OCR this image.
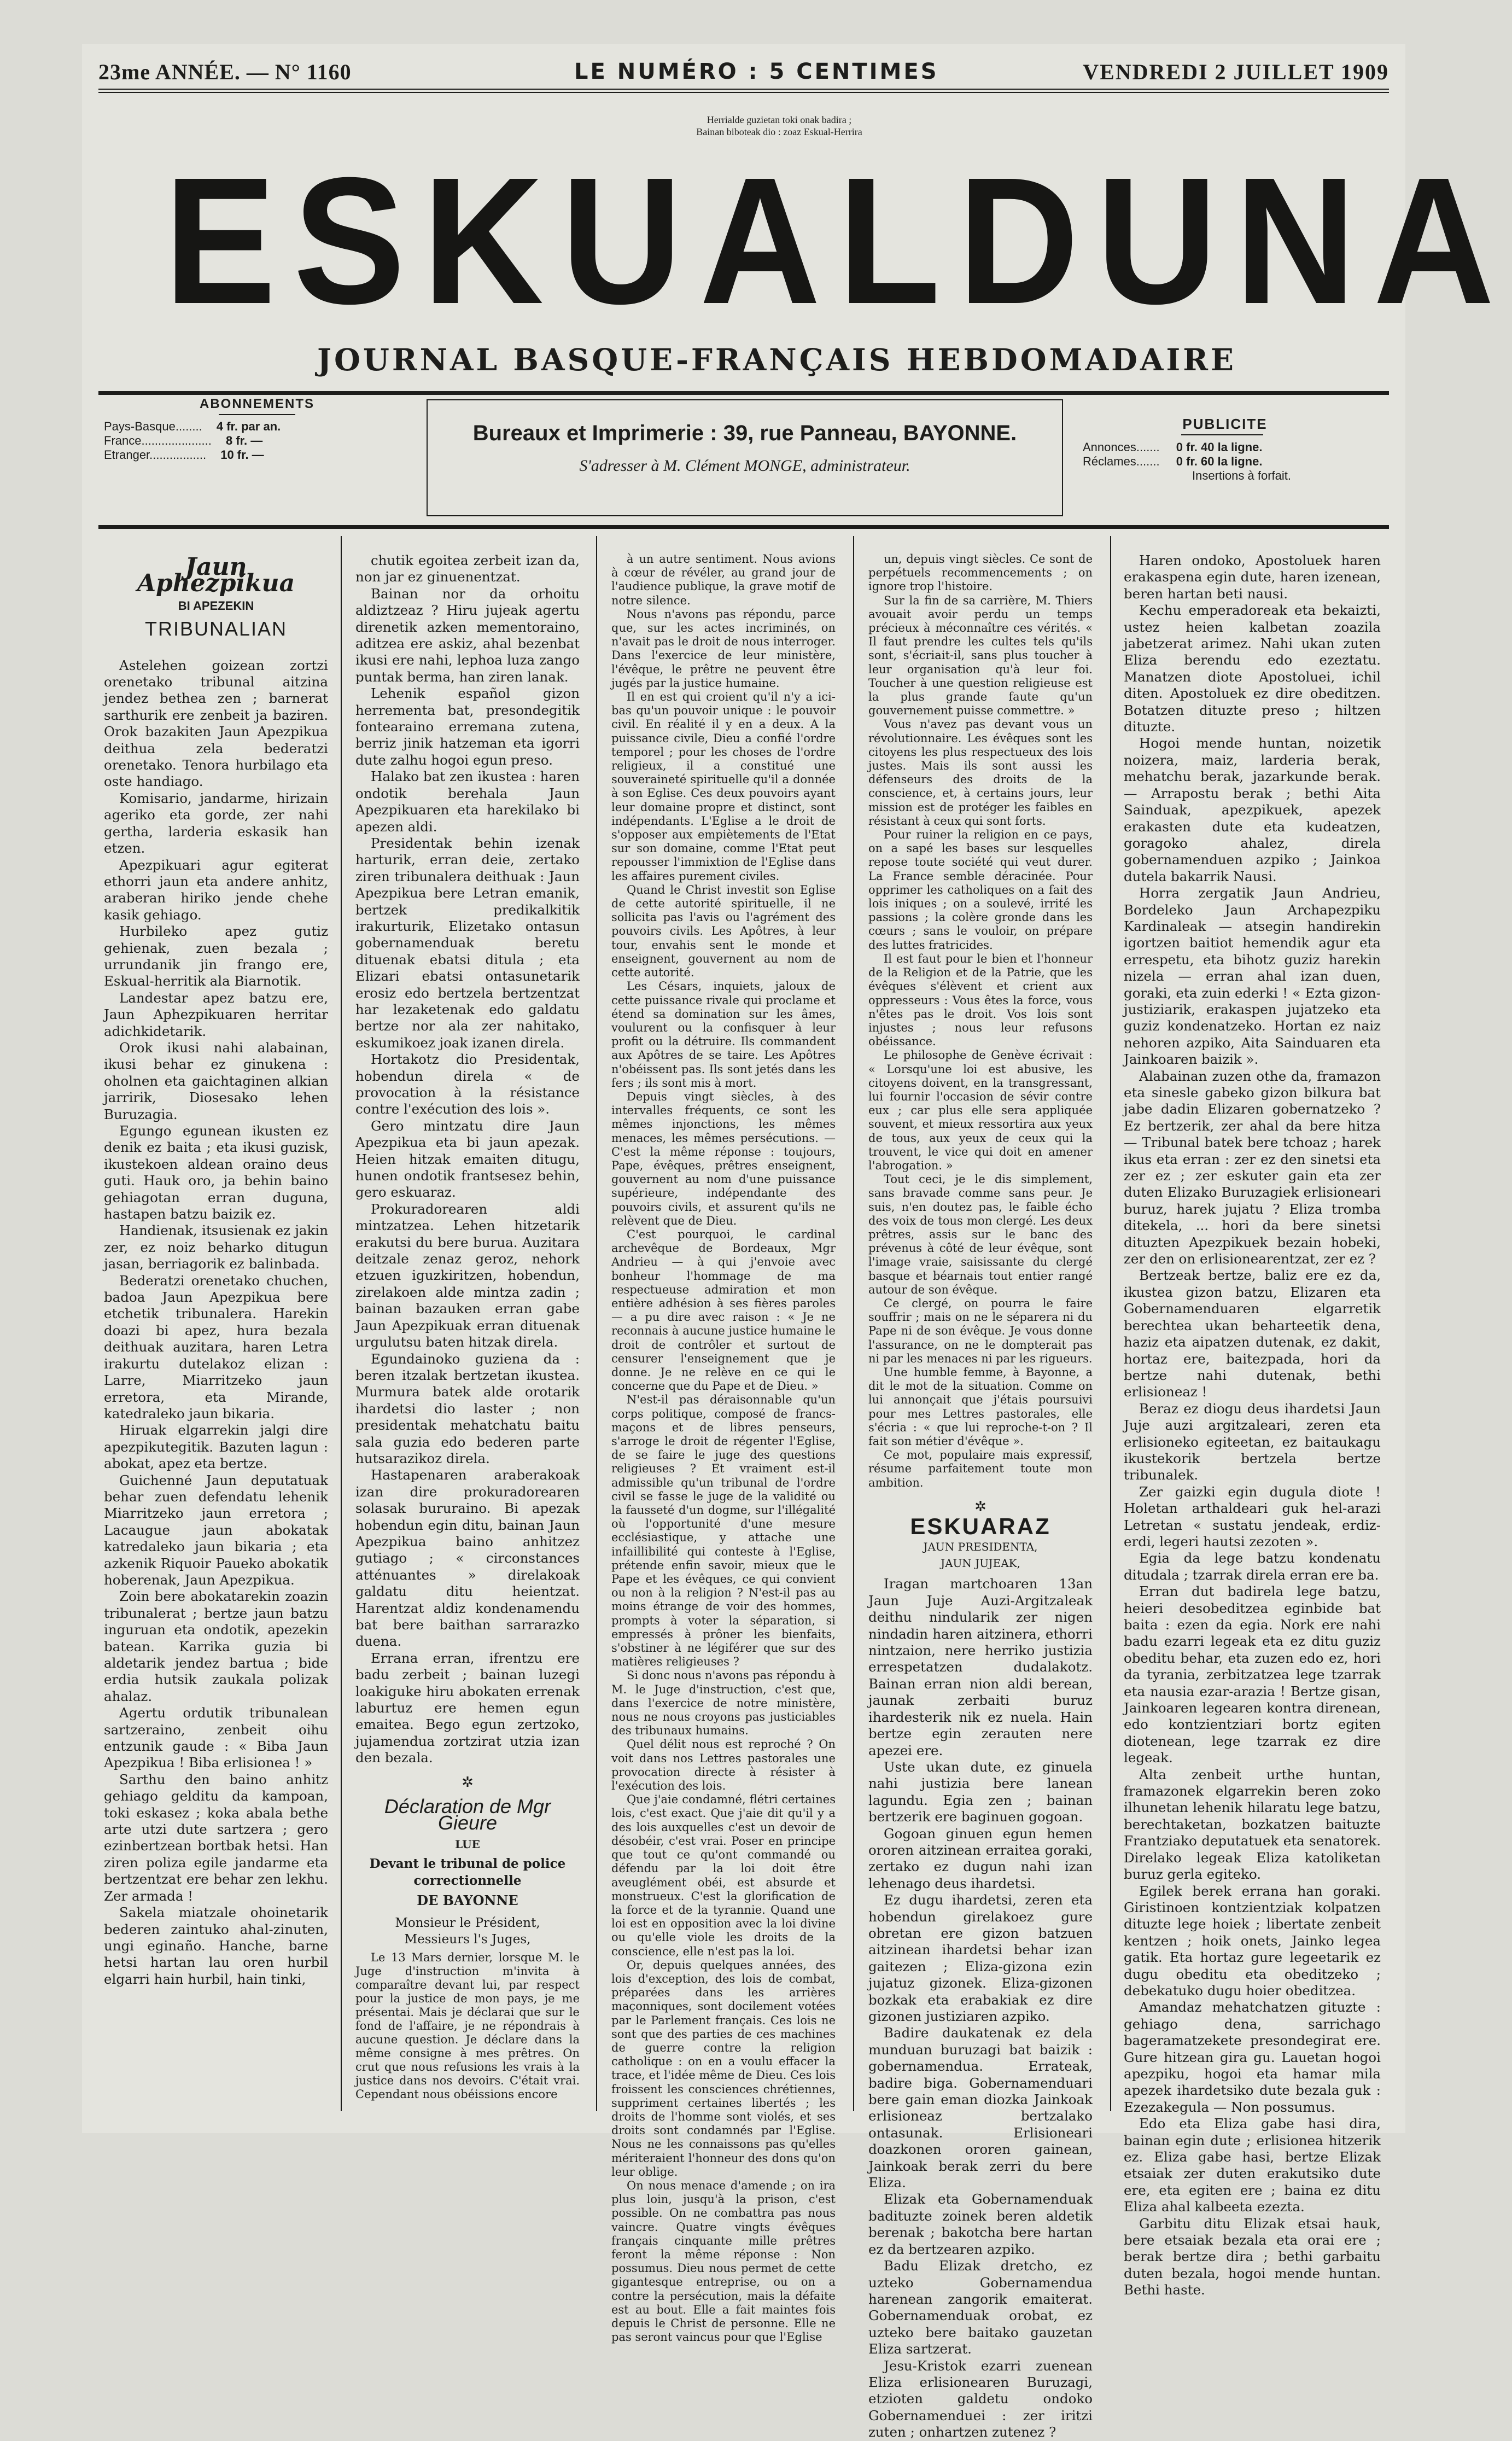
23me ANNÉE. — N° 1160	LE NUMÉRO : 5 CENTIMES	VENDREDI 2 JUILLET 1909
Herrialde guzietan toki onak badira ;
Bainan biboteak dio : zoaz Eskual-Herrira
ESKUALDUNA
JOURNAL BASQUE-FRANÇAIS HEBDOMADAIRE
ABONNEMENTS
Pays-Basque........ 4 fr. par an.
France..................... 8 fr. —
Etranger................. 10 fr. —
Bureaux et Imprimerie : 39, rue Panneau, BAYONNE.
S'adresser à M. Clément MONGE, administrateur.
PUBLICITE
Annonces....... 0 fr. 40 la ligne.
Réclames....... 0 fr. 60 la ligne.
Insertions à forfait.
Jaun Aphezpikua
BI APEZEKIN
TRIBUNALIAN

Astelehen goizean zortzi orenetako tribunal aitzina jendez bethea zen ; barnerat sarthurik ere zenbeit ja baziren. Orok bazakiten Jaun Apezpikua deithua zela bederatzi orenetako. Tenora hurbilago eta oste handiago.

Komisario, jandarme, hirizain ageriko eta gorde, zer nahi gertha, larderia eskasik han etzen.

Apezpikuari agur egiterat ethorri jaun eta andere anhitz, araberan hiriko jende chehe kasik gehiago.

Hurbileko apez gutiz gehienak, zuen bezala ; urrundanik jin frango ere, Eskual-herritik ala Biarnotik.

Landestar apez batzu ere, Jaun Aphezpikuaren herritar adichkidetarik.

Orok ikusi nahi alabainan, ikusi behar ez ginukena : oholnen eta gaichtaginen alkian jarririk, Diosesako lehen Buruzagia.

Egungo egunean ikusten ez denik ez baita ; eta ikusi guzisk, ikustekoen aldean oraino deus guti. Hauk oro, ja behin baino gehiagotan erran duguna, hastapen batzu baizik ez.

Handienak, itsusienak ez jakin zer, ez noiz beharko ditugun jasan, berriagorik ez balinbada.

Bederatzi orenetako chuchen, badoa Jaun Apezpikua bere etchetik tribunalera. Harekin doazi bi apez, hura bezala deithuak auzitara, haren Letra irakurtu dutelakoz elizan : Larre, Miarritzeko jaun erretora, eta Mirande, katedraleko jaun bikaria.

Hiruak elgarrekin jalgi dire apezpikutegitik. Bazuten lagun : abokat, apez eta bertze.

Guichenné Jaun deputatuak behar zuen defendatu lehenik Miarritzeko jaun erretora ; Lacaugue jaun abokatak katredaleko jaun bikaria ; eta azkenik Riquoir Paueko abokatik hoberenak, Jaun Apezpikua.

Zoin bere abokatarekin zoazin tribunalerat ; bertze jaun batzu inguruan eta ondotik, apezekin batean. Karrika guzia bi aldetarik jendez bartua ; bide erdia hutsik zaukala polizak ahalaz.

Agertu ordutik tribunalean sartzeraino, zenbeit oihu entzunik gaude : « Biba Jaun Apezpikua ! Biba erlisionea ! »

Sarthu den baino anhitz gehiago gelditu da kampoan, toki eskasez ; koka abala bethe arte utzi dute sartzera ; gero ezinbertzean bortbak hetsi. Han ziren poliza egile jandarme eta bertzentzat ere behar zen lekhu. Zer armada !

Sakela miatzale ohoinetarik bederen zaintuko ahal-zinuten, ungi eginaño. Hanche, barne hetsi hartan lau oren hurbil elgarri hain hurbil, hain tinki,

chutik egoitea zerbeit izan da, non jar ez ginuenentzat.

Bainan nor da orhoitu aldiztzeaz ? Hiru jujeak agertu direnetik azken mementoraino, aditzea ere askiz, ahal bezenbat ikusi ere nahi, lephoa luza zango puntak berma, han ziren lanak.

Lehenik español gizon herrementa bat, presondegitik fontearaino erremana zutena, berriz jinik hatzeman eta igorri dute zalhu hogoi egun preso.

Halako bat zen ikustea : haren ondotik berehala Jaun Apezpikuaren eta harekilako bi apezen aldi.

Presidentak behin izenak harturik, erran deie, zertako ziren tribunalera deithuak : Jaun Apezpikua bere Letran emanik, bertzek predikalkitik irakurturik, Elizetako ontasun gobernamenduak beretu dituenak ebatsi ditula ; eta Elizari ebatsi ontasunetarik erosiz edo bertzela bertzentzat har lezaketenak edo galdatu bertze nor ala zer nahitako, eskumikoez joak izanen direla.

Hortakotz dio Presidentak, hobendun direla « de provocation à la résistance contre l'exécution des lois ».

Gero mintzatu dire Jaun Apezpikua eta bi jaun apezak. Heien hitzak emaiten ditugu, hunen ondotik frantsesez behin, gero eskuaraz.

Prokuradorearen aldi mintzatzea. Lehen hitzetarik erakutsi du bere burua. Auzitara deitzale zenaz geroz, nehork etzuen iguzkiritzen, hobendun, zirelakoen alde mintza zadin ; bainan bazauken erran gabe Jaun Apezpikuak erran dituenak urgulutsu baten hitzak direla.

Egundainoko guziena da : beren itzalak bertzetan ikustea. Murmura batek alde orotarik ihardetsi dio laster ; non presidentak mehatchatu baitu sala guzia edo bederen parte hutsarazikoz direla.

Hastapenaren araberakoak izan dire prokuradorearen solasak bururaino. Bi apezak hobendun egin ditu, bainan Jaun Apezpikua baino anhitzez gutiago ; « circonstances atténuantes » direlakoak galdatu ditu heientzat. Harentzat aldiz kondenamendu bat bere baithan sarrarazko duena.

Errana erran, ifrentzu ere badu zerbeit ; bainan luzegi loakiguke hiru abokaten errenak laburtuz ere hemen egun emaitea. Bego egun zertzoko, jujamendua zortzirat utzia izan den bezala.

✲
Déclaration de Mgr Gieure
LUE
Devant le tribunal de police correctionnelle
DE BAYONNE
Monsieur le Président,
Messieurs l's Juges,

Le 13 Mars dernier, lorsque M. le Juge d'instruction m'invita à comparaître devant lui, par respect pour la justice de mon pays, je me présentai. Mais je déclarai que sur le fond de l'affaire, je ne répondrais à aucune question. Je déclare dans la même consigne à mes prêtres. On crut que nous refusions les vrais à la justice dans nos devoirs. C'était vrai. Cependant nous obéissions encore

à un autre sentiment. Nous avions à cœur de révéler, au grand jour de l'audience publique, la grave motif de notre silence.

Nous n'avons pas répondu, parce que, sur les actes incriminés, on n'avait pas le droit de nous interroger. Dans l'exercice de leur ministère, l'évêque, le prêtre ne peuvent être jugés par la justice humaine.

Il en est qui croient qu'il n'y a ici-bas qu'un pouvoir unique : le pouvoir civil. En réalité il y en a deux. A la puissance civile, Dieu a confié l'ordre temporel ; pour les choses de l'ordre religieux, il a constitué une souveraineté spirituelle qu'il a donnée à son Eglise. Ces deux pouvoirs ayant leur domaine propre et distinct, sont indépendants. L'Eglise a le droit de s'opposer aux empiètements de l'Etat sur son domaine, comme l'Etat peut repousser l'immixtion de l'Eglise dans les affaires purement civiles.

Quand le Christ investit son Eglise de cette autorité spirituelle, il ne sollicita pas l'avis ou l'agrément des pouvoirs civils. Les Apôtres, à leur tour, envahis sent le monde et enseignent, gouvernent au nom de cette autorité.

Les Césars, inquiets, jaloux de cette puissance rivale qui proclame et étend sa domination sur les âmes, voulurent ou la confisquer à leur profit ou la détruire. Ils commandent aux Apôtres de se taire. Les Apôtres n'obéissent pas. Ils sont jetés dans les fers ; ils sont mis à mort.

Depuis vingt siècles, à des intervalles fréquents, ce sont les mêmes injonctions, les mêmes menaces, les mêmes persécutions. — C'est la même réponse : toujours, Pape, évêques, prêtres enseignent, gouvernent au nom d'une puissance supérieure, indépendante des pouvoirs civils, et assurent qu'ils ne relèvent que de Dieu.

C'est pourquoi, le cardinal archevêque de Bordeaux, Mgr Andrieu — à qui j'envoie avec bonheur l'hommage de ma respectueuse admiration et mon entière adhésion à ses fières paroles — a pu dire avec raison : « Je ne reconnais à aucune justice humaine le droit de contrôler et surtout de censurer l'enseignement que je donne. Je ne relève en ce qui le concerne que du Pape et de Dieu. »

N'est-il pas déraisonnable qu'un corps politique, composé de francs-maçons et de libres penseurs, s'arroge le droit de régenter l'Eglise, de se faire le juge des questions religieuses ? Et vraiment est-il admissible qu'un tribunal de l'ordre civil se fasse le juge de la validité ou la fausseté d'un dogme, sur l'illégalité où l'opportunité d'une mesure ecclésiastique, y attache une infaillibilité qui conteste à l'Eglise, prétende enfin savoir, mieux que le Pape et les évêques, ce qui convient ou non à la religion ? N'est-il pas au moins étrange de voir des hommes, prompts à voter la séparation, si empressés à prôner les bienfaits, s'obstiner à ne légiférer que sur des matières religieuses ?

Si donc nous n'avons pas répondu à M. le Juge d'instruction, c'est que, dans l'exercice de notre ministère, nous ne nous croyons pas justiciables des tribunaux humains.

Quel délit nous est reproché ? On voit dans nos Lettres pastorales une provocation directe à résister à l'exécution des lois.

Que j'aie condamné, flétri certaines lois, c'est exact. Que j'aie dit qu'il y a des lois auxquelles c'est un devoir de désobéir, c'est vrai. Poser en principe que tout ce qu'ont commandé ou défendu par la loi doit être aveuglément obéi, est absurde et monstrueux. C'est la glorification de la force et de la tyrannie. Quand une loi est en opposition avec la loi divine ou qu'elle viole les droits de la conscience, elle n'est pas la loi.

Or, depuis quelques années, des lois d'exception, des lois de combat, préparées dans les arrières maçonniques, sont docilement votées par le Parlement français. Ces lois ne sont que des parties de ces machines de guerre contre la religion catholique : on en a voulu effacer la trace, et l'idée même de Dieu. Ces lois froissent les consciences chrétiennes, suppriment certaines libertés ; les droits de l'homme sont violés, et ses droits sont condamnés par l'Eglise. Nous ne les connaissons pas qu'elles mériteraient l'honneur des dons qu'on leur oblige.

On nous menace d'amende ; on ira plus loin, jusqu'à la prison, c'est possible. On ne combattra pas nous vaincre. Quatre vingts évêques français cinquante mille prêtres feront la même réponse : Non possumus. Dieu nous permet de cette gigantesque entreprise, ou on a contre la persécution, mais la défaite est au bout. Elle a fait maintes fois depuis le Christ de personne. Elle ne pas seront vaincus pour que l'Eglise

un, depuis vingt siècles. Ce sont de perpétuels recommencements ; on ignore trop l'histoire.

Sur la fin de sa carrière, M. Thiers avouait avoir perdu un temps précieux à méconnaître ces vérités. « Il faut prendre les cultes tels qu'ils sont, s'écriait-il, sans plus toucher à leur organisation qu'à leur foi. Toucher à une question religieuse est la plus grande faute qu'un gouvernement puisse commettre. »

Vous n'avez pas devant vous un révolutionnaire. Les évêques sont les citoyens les plus respectueux des lois justes. Mais ils sont aussi les défenseurs des droits de la conscience, et, à certains jours, leur mission est de protéger les faibles en résistant à ceux qui sont forts.

Pour ruiner la religion en ce pays, on a sapé les bases sur lesquelles repose toute société qui veut durer. La France semble déracinée. Pour opprimer les catholiques on a fait des lois iniques ; on a soulevé, irrité les passions ; la colère gronde dans les cœurs ; sans le vouloir, on prépare des luttes fratricides.

Il est faut pour le bien et l'honneur de la Religion et de la Patrie, que les évêques s'élèvent et crient aux oppresseurs : Vous êtes la force, vous n'êtes pas le droit. Vos lois sont injustes ; nous leur refusons obéissance.

Le philosophe de Genève écrivait : « Lorsqu'une loi est abusive, les citoyens doivent, en la transgressant, lui fournir l'occasion de sévir contre eux ; car plus elle sera appliquée souvent, et mieux ressortira aux yeux de tous, aux yeux de ceux qui la trouvent, le vice qui doit en amener l'abrogation. »

Tout ceci, je le dis simplement, sans bravade comme sans peur. Je suis, n'en doutez pas, le faible écho des voix de tous mon clergé. Les deux prêtres, assis sur le banc des prévenus à côté de leur évêque, sont l'image vraie, saisissante du clergé basque et béarnais tout entier rangé autour de son évêque.

Ce clergé, on pourra le faire souffrir ; mais on ne le séparera ni du Pape ni de son évêque. Je vous donne l'assurance, on ne le dompterait pas ni par les menaces ni par les rigueurs.

Une humble femme, à Bayonne, a dit le mot de la situation. Comme on lui annonçait que j'étais poursuivi pour mes Lettres pastorales, elle s'écria : « que lui reproche-t-on ? Il fait son métier d'évêque ».

Ce mot, populaire mais expressif, résume parfaitement toute mon ambition.

✲
ESKUARAZ
JAUN PRESIDENTA,
JAUN JUJEAK,

Iragan martchoaren 13an Jaun Juje Auzi-Argitzaleak deithu nindularik zer nigen nindadin haren aitzinera, ethorri nintzaion, nere herriko justizia errespetatzen dudalakotz. Bainan erran nion aldi berean, jaunak zerbaiti buruz ihardesterik nik ez nuela. Hain bertze egin zerauten nere apezei ere.

Uste ukan dute, ez ginuela nahi justizia bere lanean lagundu. Egia zen ; bainan bertzerik ere baginuen gogoan.

Gogoan ginuen egun hemen ororen aitzinean erraitea goraki, zertako ez dugun nahi izan lehenago deus ihardetsi.

Ez dugu ihardetsi, zeren eta hobendun girelakoez gure obretan ere gizon batzuen aitzinean ihardetsi behar izan gaitezen ; Eliza-gizona ezin jujatuz gizonek. Eliza-gizonen bozkak eta erabakiak ez dire gizonen justiziaren azpiko.

Badire daukatenak ez dela munduan buruzagi bat baizik : gobernamendua. Errateak, badire biga. Gobernamenduari bere gain eman diozka Jainkoak erlisioneaz bertzalako ontasunak. Erlisioneari doazkonen ororen gainean, Jainkoak berak zerri du bere Eliza.

Elizak eta Gobernamenduak badituzte zoinek beren aldetik berenak ; bakotcha bere hartan ez da bertzearen azpiko.

Badu Elizak dretcho, ez uzteko Gobernamendua harenean zangorik emaiterat. Gobernamenduak orobat, ez uzteko bere baitako gauzetan Eliza sartzerat.

Jesu-Kristok ezarri zuenean Eliza erlisionearen Buruzagi, etzioten galdetu ondoko Gobernamenduei : zer iritzi zuten ; onhartzen zutenez ?

Haren ondoko, Apostoluek haren erakaspena egin dute, haren izenean, beren hartan beti nausi.

Kechu emperadoreak eta bekaizti, ustez heien kalbetan zoazila jabetzerat arimez. Nahi ukan zuten Eliza berendu edo ezeztatu. Manatzen diote Apostoluei, ichil diten. Apostoluek ez dire obeditzen. Botatzen dituzte preso ; hiltzen dituzte.

Hogoi mende huntan, noizetik noizera, maiz, larderia berak, mehatchu berak, jazarkunde berak. — Arrapostu berak ; bethi Aita Sainduak, apezpikuek, apezek erakasten dute eta kudeatzen, goragoko ahalez, direla gobernamenduen azpiko ; Jainkoa dutela bakarrik Nausi.

Horra zergatik Jaun Andrieu, Bordeleko Jaun Archapezpiku Kardinaleak — atsegin handirekin igortzen baitiot hemendik agur eta errespetu, eta bihotz guziz harekin nizela — erran ahal izan duen, goraki, eta zuin ederki ! « Ezta gizon-justiziarik, erakaspen jujatzeko eta guziz kondenatzeko. Hortan ez naiz nehoren azpiko, Aita Sainduaren eta Jainkoaren baizik ».

Alabainan zuzen othe da, framazon eta sinesle gabeko gizon bilkura bat jabe dadin Elizaren gobernatzeko ? Ez bertzerik, zer ahal da bere hitza — Tribunal batek bere tchoaz ; harek ikus eta erran : zer ez den sinetsi eta zer ez ; zer eskuter gain eta zer duten Elizako Buruzagiek erlisioneari buruz, harek jujatu ? Eliza tromba ditekela, ... hori da bere sinetsi dituzten Apezpikuek bezain hobeki, zer den on erlisionearentzat, zer ez ?

Bertzeak bertze, baliz ere ez da, ikustea gizon batzu, Elizaren eta Gobernamenduaren elgarretik berechtea ukan beharteetik dena, haziz eta aipatzen dutenak, ez dakit, hortaz ere, baitezpada, hori da bertze nahi dutenak, bethi erlisioneaz !

Beraz ez diogu deus ihardetsi Jaun Juje auzi argitzaleari, zeren eta erlisioneko egiteetan, ez baitaukagu ikustekorik bertzela bertze tribunalek.

Zer gaizki egin dugula diote ! Holetan arthaldeari guk hel-arazi Letretan « sustatu jendeak, erdiz-erdi, legeri hautsi zezoten ».

Egia da lege batzu kondenatu ditudala ; tzarrak direla erran ere ba.

Erran dut badirela lege batzu, heieri desobeditzea eginbide bat baita : ezen da egia. Nork ere nahi badu ezarri legeak eta ez ditu guziz obeditu behar, eta zuzen edo ez, hori da tyrania, zerbitzatzea lege tzarrak eta nausia ezar-arazia ! Bertze gisan, Jainkoaren legearen kontra direnean, edo kontzientziari bortz egiten diotenean, lege tzarrak ez dire legeak.

Alta zenbeit urthe huntan, framazonek elgarrekin beren zoko ilhunetan lehenik hilaratu lege batzu, berechtaketan, bozkatzen baituzte Frantziako deputatuek eta senatorek. Direlako legeak Eliza katoliketan buruz gerla egiteko.

Egilek berek errana han goraki. Giristinoen kontzientziak kolpatzen dituzte lege hoiek ; libertate zenbeit kentzen ; hoik onets, Jainko legea gatik. Eta hortaz gure legeetarik ez dugu obeditu eta obeditzeko ; debekatuko dugu hoier obeditzea.

Amandaz mehatchatzen gituzte : gehiago dena, sarrichago bageramatzekete presondegirat ere. Gure hitzean gira gu. Lauetan hogoi apezpiku, hogoi eta hamar mila apezek ihardetsiko dute bezala guk : Ezezakegula — Non possumus.

Edo eta Eliza gabe hasi dira, bainan egin dute ; erlisionea hitzerik ez. Eliza gabe hasi, bertze Elizak etsaiak zer duten erakutsiko dute ere, eta egiten ere ; baina ez ditu Eliza ahal kalbeeta ezezta.

Garbitu ditu Elizak etsai hauk, bere etsaiak bezala eta orai ere ; berak bertze dira ; bethi garbaitu duten bezala, hogoi mende huntan. Bethi haste.
